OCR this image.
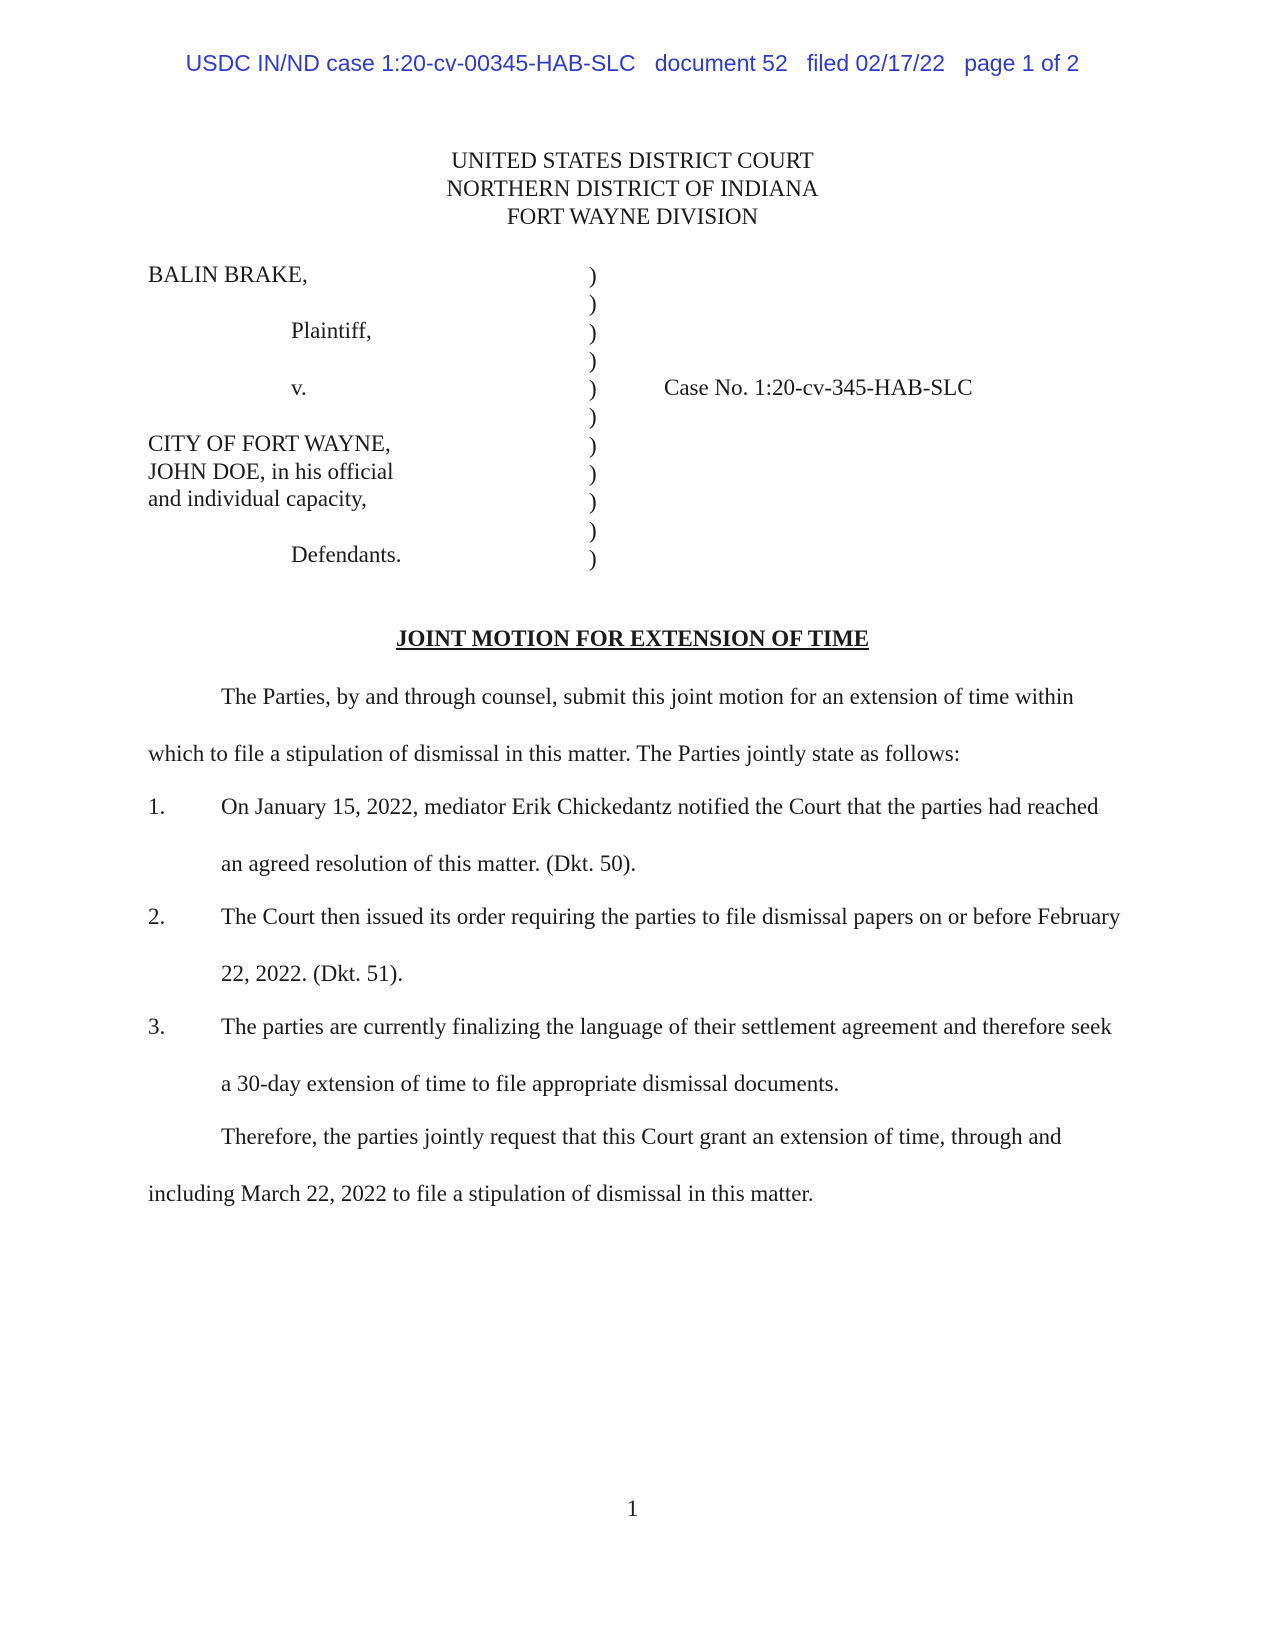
USDC IN/ND case 1:20-cv-00345-HAB-SLC document 52 filed 02/17/22 page 1 of 2
UNITED STATES DISTRICT COURT
NORTHERN DISTRICT OF INDIANA
FORT WAYNE DIVISION
BALIN BRAKE,
Plaintiff,
v.
CITY OF FORT WAYNE,
JOHN DOE, in his official
and individual capacity,
Defendants.
)
)
)
)
)
)
)
)
)
)
)
Case No. 1:20-cv-345-HAB-SLC
JOINT MOTION FOR EXTENSION OF TIME
The Parties, by and through counsel, submit this joint motion for an extension of time within which to file a stipulation of dismissal in this matter. The Parties jointly state as follows:
1. On January 15, 2022, mediator Erik Chickedantz notified the Court that the parties had reached an agreed resolution of this matter. (Dkt. 50).
2. The Court then issued its order requiring the parties to file dismissal papers on or before February 22, 2022. (Dkt. 51).
3. The parties are currently finalizing the language of their settlement agreement and therefore seek a 30-day extension of time to file appropriate dismissal documents.
Therefore, the parties jointly request that this Court grant an extension of time, through and including March 22, 2022 to file a stipulation of dismissal in this matter.
1
